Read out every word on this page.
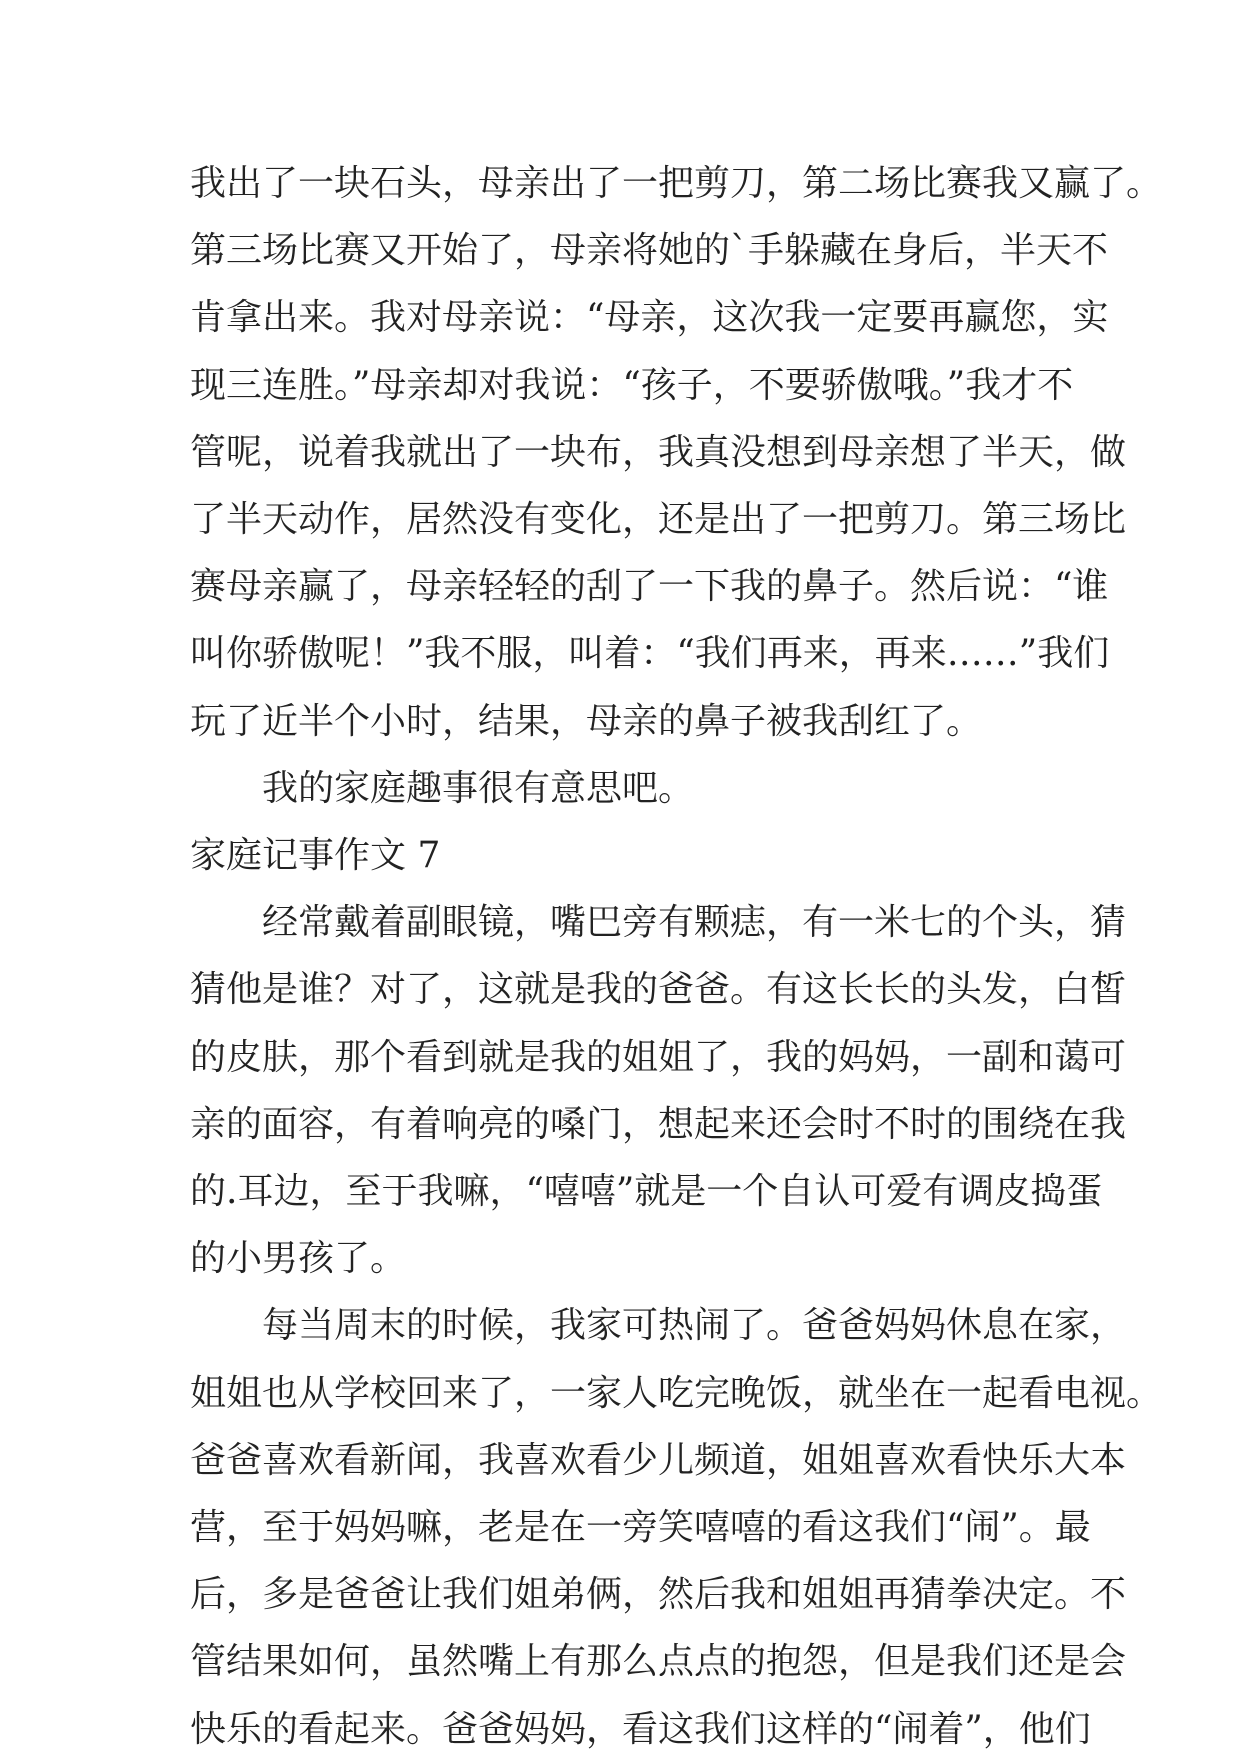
我出了一块石头，母亲出了一把剪刀，第二场比赛我又赢了。
第三场比赛又开始了，母亲将她的`手躲藏在身后，半天不
肯拿出来。我对母亲说：“母亲，这次我一定要再赢您，实
现三连胜。”母亲却对我说：“孩子，不要骄傲哦。”我才不
管呢，说着我就出了一块布，我真没想到母亲想了半天，做
了半天动作，居然没有变化，还是出了一把剪刀。第三场比
赛母亲赢了，母亲轻轻的刮了一下我的鼻子。然后说：“谁
叫你骄傲呢！”我不服，叫着：“我们再来，再来……”我们
玩了近半个小时，结果，母亲的鼻子被我刮红了。

我的家庭趣事很有意思吧。

家庭记事作文 7
经常戴着副眼镜，嘴巴旁有颗痣，有一米七的个头，猜
猜他是谁？对了，这就是我的爸爸。有这长长的头发，白皙
的皮肤，那个看到就是我的姐姐了，我的妈妈，一副和蔼可
亲的面容，有着响亮的嗓门，想起来还会时不时的围绕在我
的.耳边，至于我嘛，“嘻嘻”就是一个自认可爱有调皮捣蛋
的小男孩了。
每当周末的时候，我家可热闹了。爸爸妈妈休息在家，
姐姐也从学校回来了，一家人吃完晚饭，就坐在一起看电视。
爸爸喜欢看新闻，我喜欢看少儿频道，姐姐喜欢看快乐大本
营，至于妈妈嘛，老是在一旁笑嘻嘻的看这我们“闹”。最
后，多是爸爸让我们姐弟俩，然后我和姐姐再猜拳决定。不
管结果如何，虽然嘴上有那么点点的抱怨，但是我们还是会
快乐的看起来。爸爸妈妈，看这我们这样的“闹着”，他们
